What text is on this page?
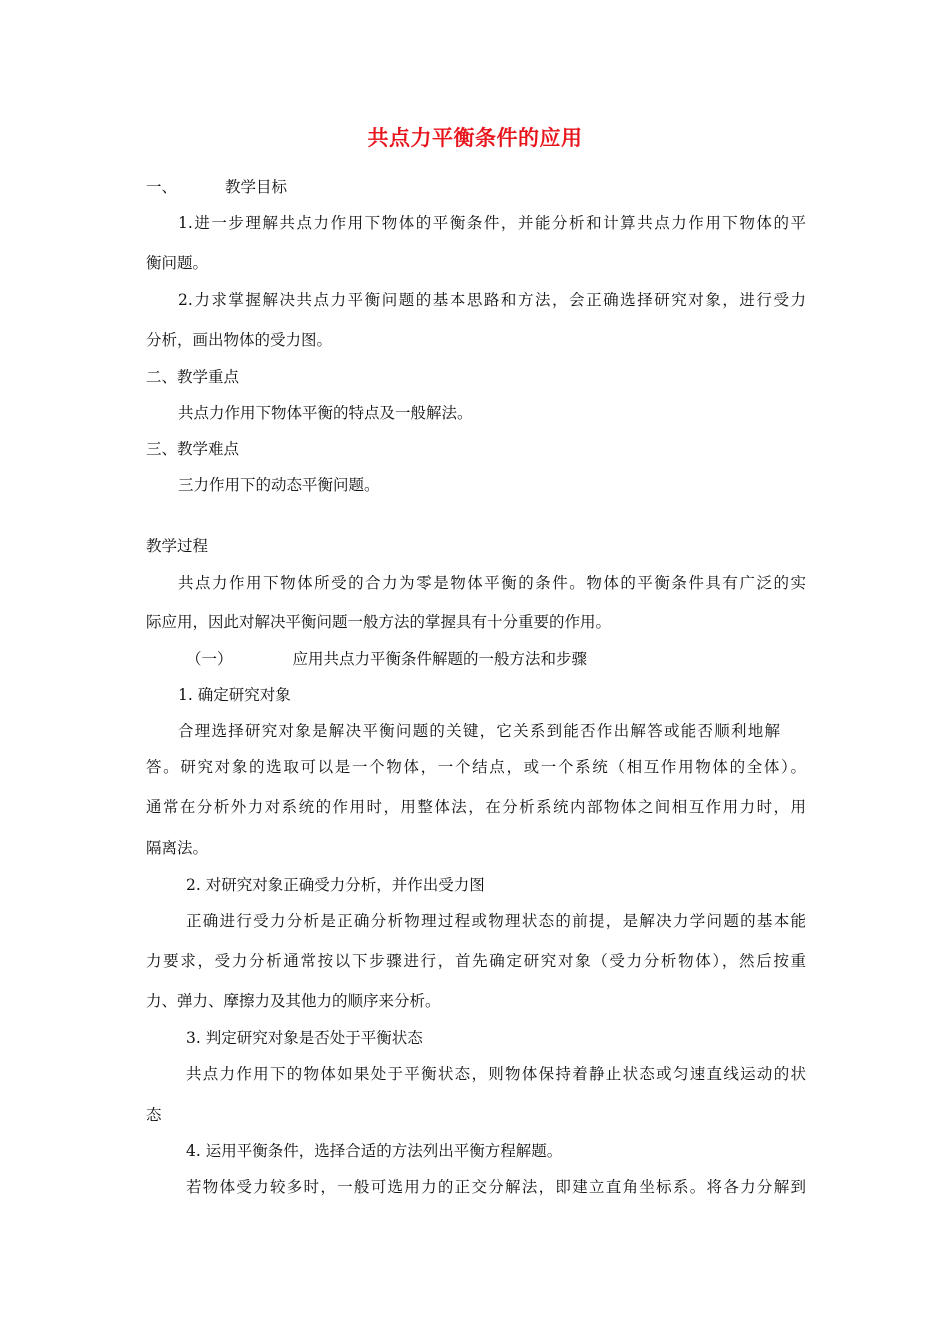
共点力平衡条件的应用
一、	教学目标
1.进一步理解共点力作用下物体的平衡条件，并能分析和计算共点力作用下物体的平
衡问题。
2.力求掌握解决共点力平衡问题的基本思路和方法，会正确选择研究对象，进行受力
分析，画出物体的受力图。
二、教学重点
共点力作用下物体平衡的特点及一般解法。
三、教学难点
三力作用下的动态平衡问题。
教学过程
共点力作用下物体所受的合力为零是物体平衡的条件。物体的平衡条件具有广泛的实
际应用，因此对解决平衡问题一般方法的掌握具有十分重要的作用。
（一）	应用共点力平衡条件解题的一般方法和步骤
1. 确定研究对象
合理选择研究对象是解决平衡问题的关键，它关系到能否作出解答或能否顺利地解
答。研究对象的选取可以是一个物体，一个结点，或一个系统（相互作用物体的全体）。
通常在分析外力对系统的作用时，用整体法，在分析系统内部物体之间相互作用力时，用
隔离法。
2. 对研究对象正确受力分析，并作出受力图
正确进行受力分析是正确分析物理过程或物理状态的前提，是解决力学问题的基本能
力要求，受力分析通常按以下步骤进行，首先确定研究对象（受力分析物体），然后按重
力、弹力、摩擦力及其他力的顺序来分析。
3. 判定研究对象是否处于平衡状态
共点力作用下的物体如果处于平衡状态，则物体保持着静止状态或匀速直线运动的状
态
4. 运用平衡条件，选择合适的方法列出平衡方程解题。
若物体受力较多时，一般可选用力的正交分解法，即建立直角坐标系。将各力分解到
